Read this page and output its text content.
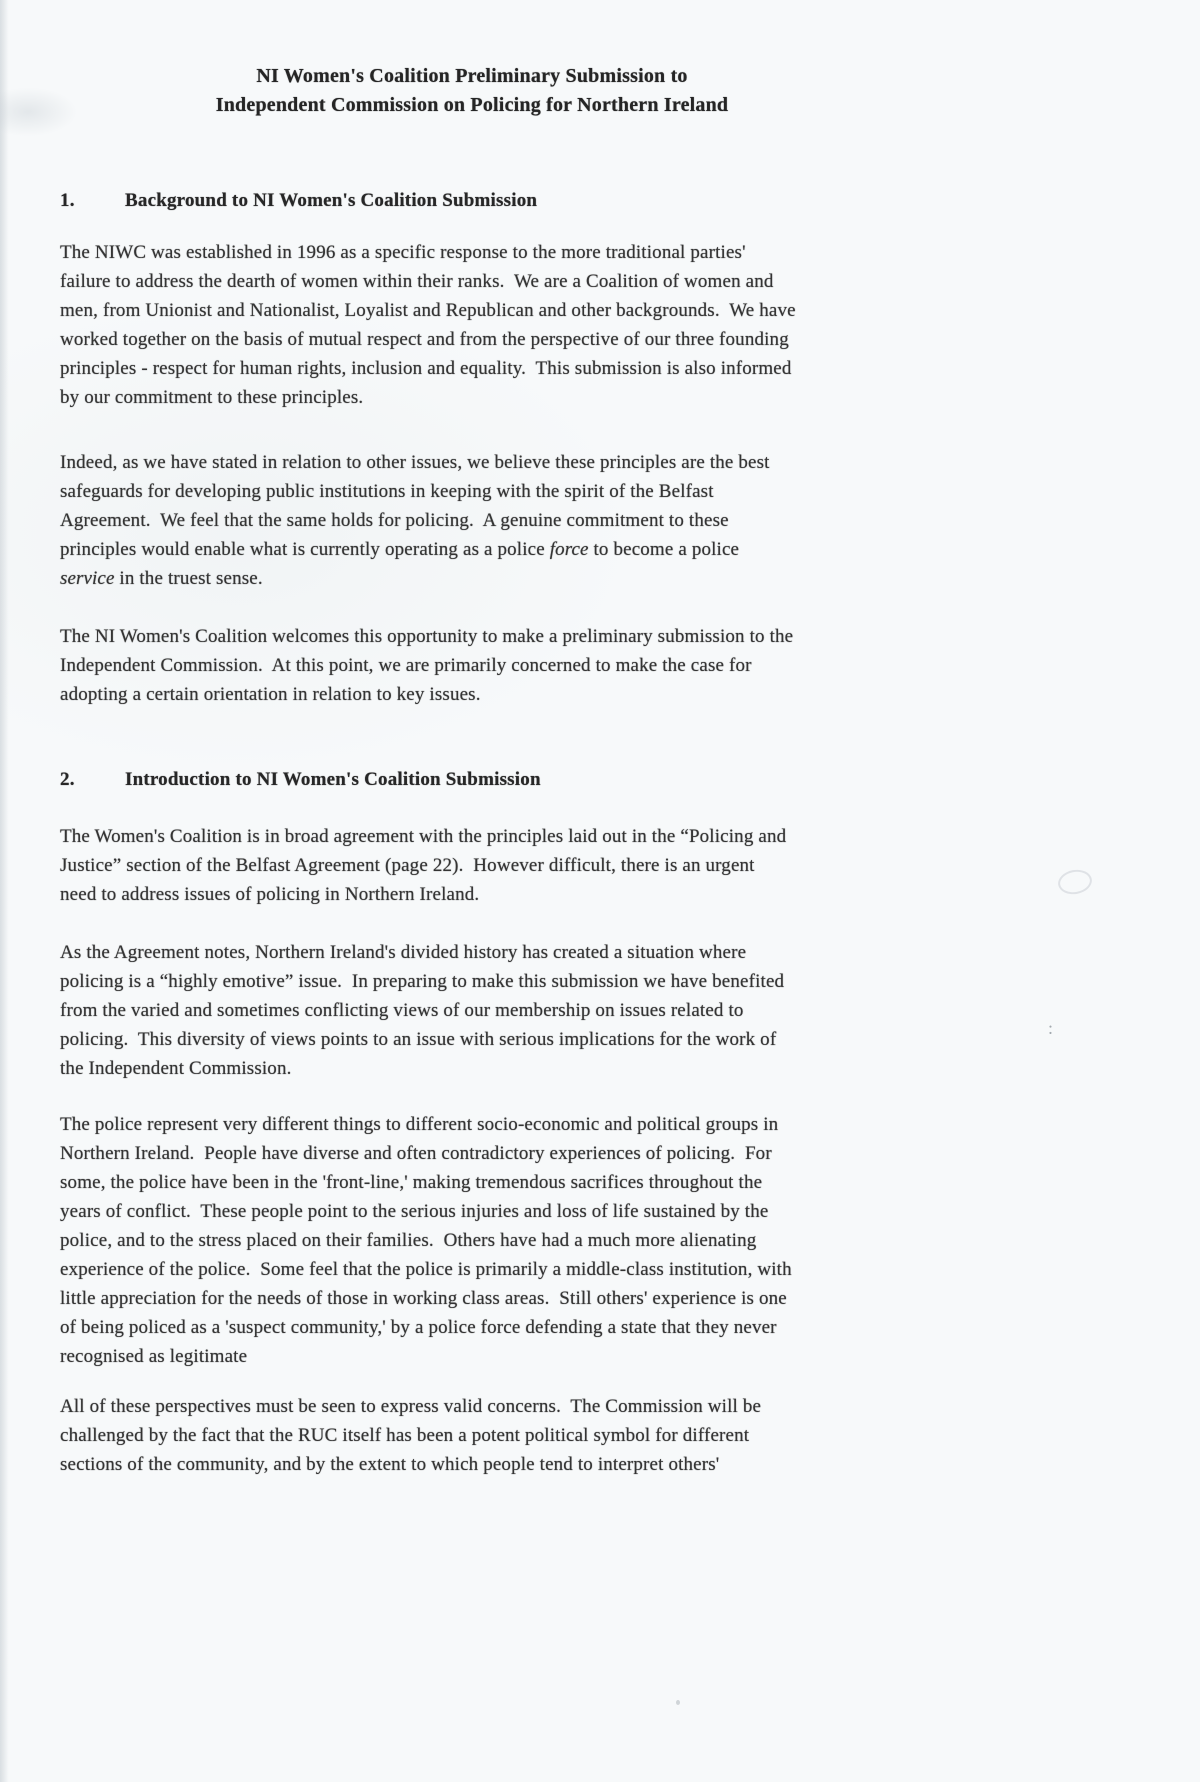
NI Women's Coalition Preliminary Submission to
Independent Commission on Policing for Northern Ireland
1.	Background to NI Women's Coalition Submission
The NIWC was established in 1996 as a specific response to the more traditional parties'
failure to address the dearth of women within their ranks.  We are a Coalition of women and
men, from Unionist and Nationalist, Loyalist and Republican and other backgrounds.  We have
worked together on the basis of mutual respect and from the perspective of our three founding
principles - respect for human rights, inclusion and equality.  This submission is also informed
by our commitment to these principles.
Indeed, as we have stated in relation to other issues, we believe these principles are the best
safeguards for developing public institutions in keeping with the spirit of the Belfast
Agreement.  We feel that the same holds for policing.  A genuine commitment to these
principles would enable what is currently operating as a police force to become a police
service in the truest sense.
The NI Women's Coalition welcomes this opportunity to make a preliminary submission to the
Independent Commission.  At this point, we are primarily concerned to make the case for
adopting a certain orientation in relation to key issues.
2.	Introduction to NI Women's Coalition Submission
The Women's Coalition is in broad agreement with the principles laid out in the “Policing and
Justice” section of the Belfast Agreement (page 22).  However difficult, there is an urgent
need to address issues of policing in Northern Ireland.
As the Agreement notes, Northern Ireland's divided history has created a situation where
policing is a “highly emotive” issue.  In preparing to make this submission we have benefited
from the varied and sometimes conflicting views of our membership on issues related to
policing.  This diversity of views points to an issue with serious implications for the work of
the Independent Commission.
The police represent very different things to different socio-economic and political groups in
Northern Ireland.  People have diverse and often contradictory experiences of policing.  For
some, the police have been in the 'front-line,' making tremendous sacrifices throughout the
years of conflict.  These people point to the serious injuries and loss of life sustained by the
police, and to the stress placed on their families.  Others have had a much more alienating
experience of the police.  Some feel that the police is primarily a middle-class institution, with
little appreciation for the needs of those in working class areas.  Still others' experience is one
of being policed as a 'suspect community,' by a police force defending a state that they never
recognised as legitimate
All of these perspectives must be seen to express valid concerns.  The Commission will be
challenged by the fact that the RUC itself has been a potent political symbol for different
sections of the community, and by the extent to which people tend to interpret others'
:
